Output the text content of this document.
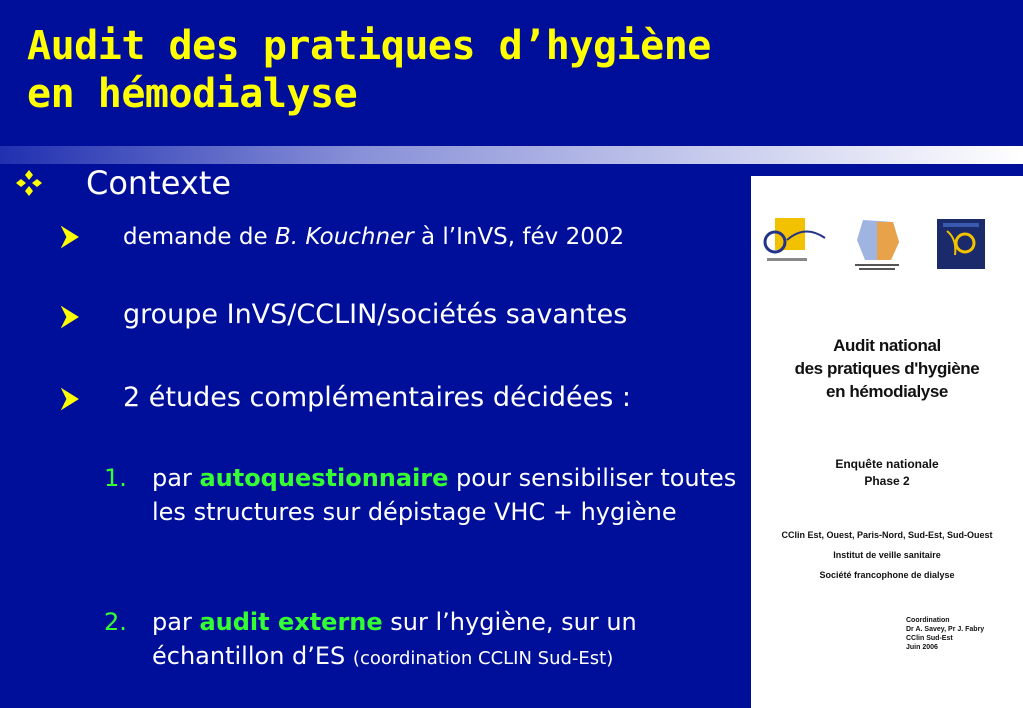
Audit des pratiques d’hygiène
en hémodialyse
Contexte
demande de B. Kouchner à l’InVS, fév 2002
groupe InVS/CCLIN/sociétés savantes
2 études complémentaires décidées :
1. par autoquestionnaire pour sensibiliser toutes les structures sur dépistage VHC + hygiène
2. par audit externe sur l’hygiène, sur un échantillon d’ES (coordination CCLIN Sud-Est)
Audit national
des pratiques d'hygiène
en hémodialyse
Enquête nationale
Phase 2
CClin Est, Ouest, Paris-Nord, Sud-Est, Sud-Ouest
Institut de veille sanitaire
Société francophone de dialyse
Coordination
Dr A. Savey, Pr J. Fabry
CClin Sud-Est
Juin 2006
